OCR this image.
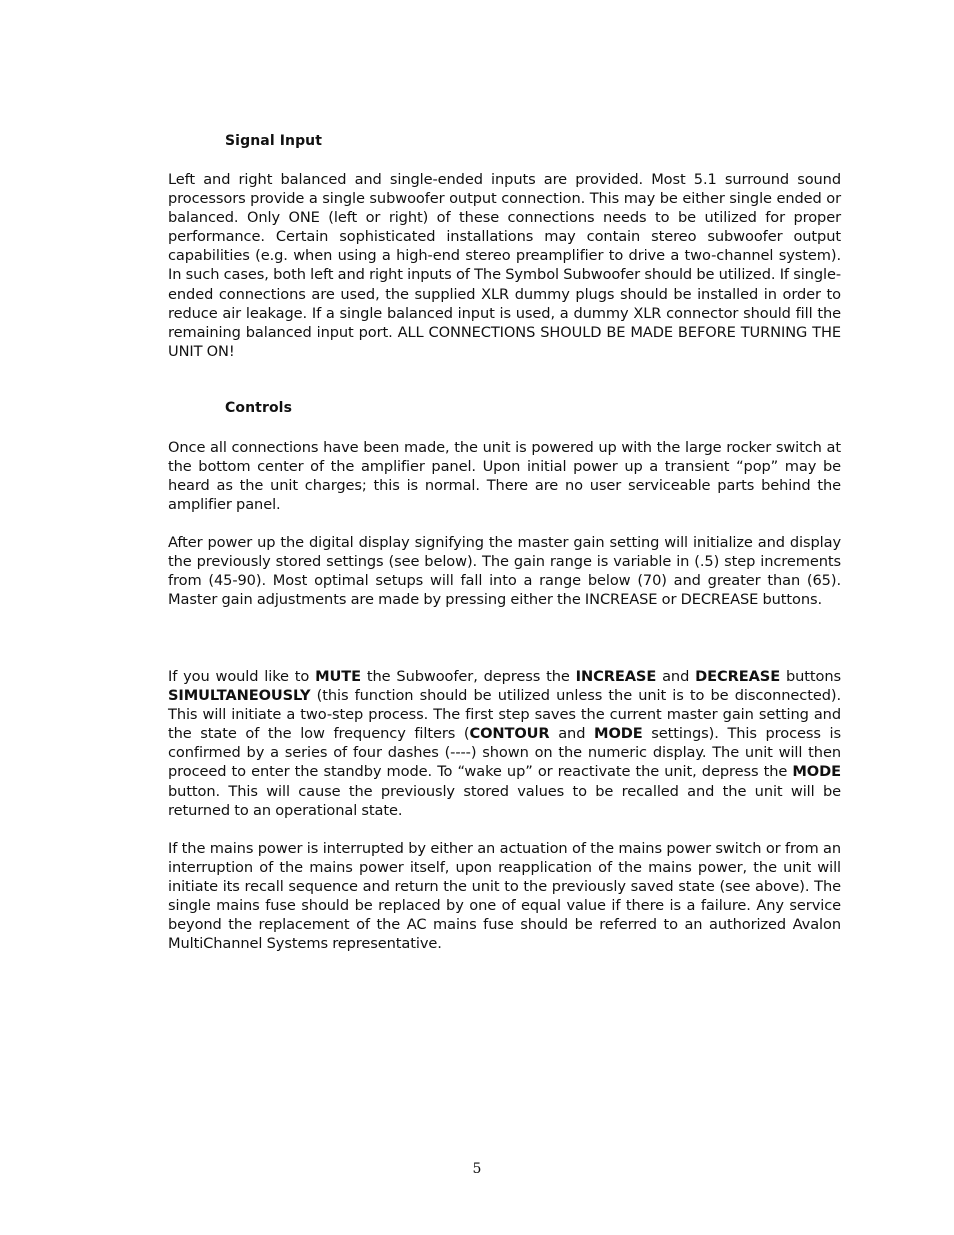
Signal Input
Left and right balanced and single-ended inputs are provided. Most 5.1 surround sound processors provide a single subwoofer output connection. This may be either single ended or balanced. Only ONE (left or right) of these connections needs to be utilized for proper performance. Certain sophisticated installations may contain stereo subwoofer output capabilities (e.g. when using a high-end stereo preamplifier to drive a two-channel system). In such cases, both left and right inputs of The Symbol Subwoofer should be utilized. If single-ended connections are used, the supplied XLR dummy plugs should be installed in order to reduce air leakage. If a single balanced input is used, a dummy XLR connector should fill the remaining balanced input port. ALL CONNECTIONS SHOULD BE MADE BEFORE TURNING THE UNIT ON!
Controls
Once all connections have been made, the unit is powered up with the large rocker switch at the bottom center of the amplifier panel. Upon initial power up a transient “pop” may be heard as the unit charges; this is normal. There are no user serviceable parts behind the amplifier panel.
After power up the digital display signifying the master gain setting will initialize and display the previously stored settings (see below). The gain range is variable in (.5) step increments from (45-90). Most optimal setups will fall into a range below (70) and greater than (65). Master gain adjustments are made by pressing either the INCREASE or DECREASE buttons.
If you would like to MUTE the Subwoofer, depress the INCREASE and DECREASE buttons SIMULTANEOUSLY (this function should be utilized unless the unit is to be disconnected). This will initiate a two-step process. The first step saves the current master gain setting and the state of the low frequency filters (CONTOUR and MODE settings). This process is confirmed by a series of four dashes (----) shown on the numeric display. The unit will then proceed to enter the standby mode. To “wake up” or reactivate the unit, depress the MODE button. This will cause the previously stored values to be recalled and the unit will be returned to an operational state.
If the mains power is interrupted by either an actuation of the mains power switch or from an interruption of the mains power itself, upon reapplication of the mains power, the unit will initiate its recall sequence and return the unit to the previously saved state (see above). The single mains fuse should be replaced by one of equal value if there is a failure. Any service beyond the replacement of the AC mains fuse should be referred to an authorized Avalon MultiChannel Systems representative.
5
